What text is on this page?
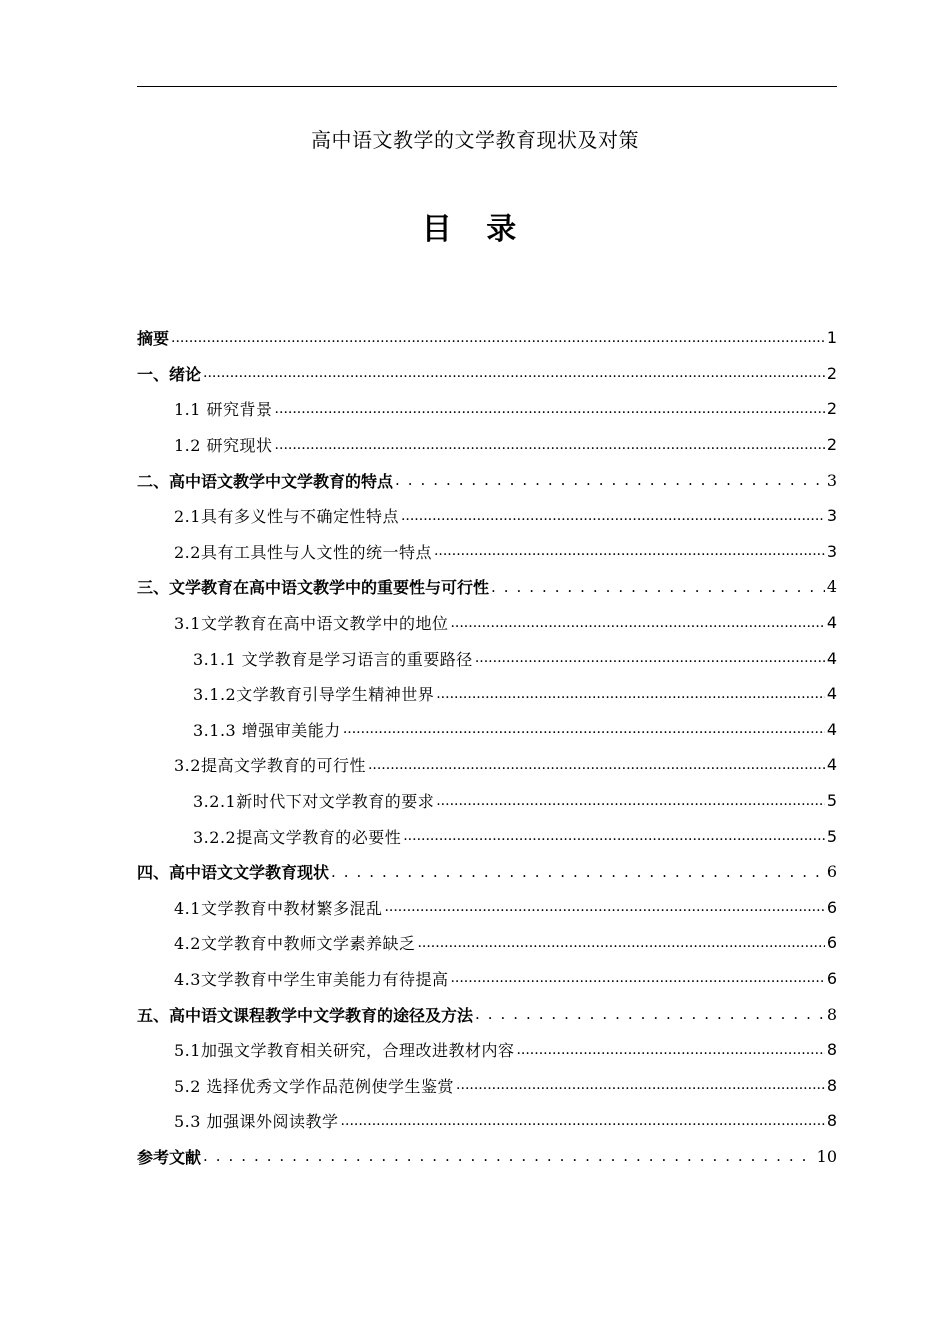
高中语文教学的文学教育现状及对策
目 录
摘要 .....	1
一、绪论 .....	2
1.1 研究背景 .....	2
1.2 研究现状 .....	2
二、高中语文教学中文学教育的特点 . . .	3
2.1具有多义性与不确定性特点 .....	3
2.2具有工具性与人文性的统一特点 .....	3
三、文学教育在高中语文教学中的重要性与可行性 . . .	4
3.1文学教育在高中语文教学中的地位 .....	4
3.1.1 文学教育是学习语言的重要路径 .....	4
3.1.2文学教育引导学生精神世界 .....	4
3.1.3 增强审美能力 .....	4
3.2提高文学教育的可行性 .....	4
3.2.1新时代下对文学教育的要求 .....	5
3.2.2提高文学教育的必要性 .....	5
四、高中语文文学教育现状 . . .	6
4.1文学教育中教材繁多混乱 .....	6
4.2文学教育中教师文学素养缺乏 .....	6
4.3文学教育中学生审美能力有待提高 .....	6
五、高中语文课程教学中文学教育的途径及方法 . . .	8
5.1加强文学教育相关研究，合理改进教材内容 .....	8
5.2 选择优秀文学作品范例使学生鉴赏 .....	8
5.3 加强课外阅读教学 .....	8
参考文献 . . .	10
